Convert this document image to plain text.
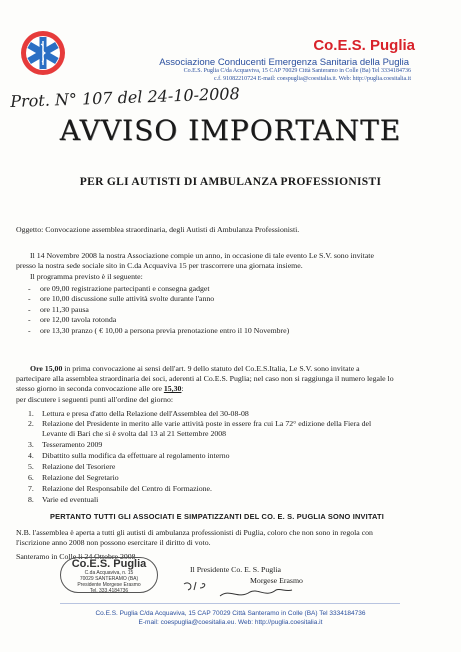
Co.E.S. Puglia
Associazione Conducenti Emergenza Sanitaria della Puglia
Co.E.S. Puglia C/da Acquaviva, 15 CAP 70029 Città Santeramo in Colle (Ba) Tel 3334184736
c.f. 91082210724 E-mail: coespuglia@coesitalia.it. Web: http://puglia.coesitalia.it
Prot. N° 107 del 24-10-2008
AVVISO IMPORTANTE
PER GLI AUTISTI DI AMBULANZA PROFESSIONISTI
Oggetto: Convocazione assemblea straordinaria, degli Autisti di Ambulanza Professionisti.
Il 14 Novembre 2008 la nostra Associazione compie un anno, in occasione di tale evento Le S.V. sono invitate
presso la nostra sede sociale sito in C.da Acquaviva 15 per trascorrere una giornata insieme.
Il programma previsto è il seguente:
- ore 09,00 registrazione partecipanti e consegna gadget
- ore 10,00 discussione sulle attività svolte durante l'anno
- ore 11,30 pausa
- ore 12,00 tavola rotonda
- ore 13,30 pranzo ( € 10,00 a persona previa prenotazione entro il 10 Novembre)
Ore 15,00 in prima convocazione ai sensi dell'art. 9 dello statuto del Co.E.S.Italia, Le S.V. sono invitate a
partecipare alla assemblea straordinaria dei soci, aderenti al Co.E.S. Puglia; nel caso non si raggiunga il numero legale lo
stesso giorno in seconda convocazione alle ore 15,30:
per discutere i seguenti punti all'ordine del giorno:
1. Lettura e presa d'atto della Relazione dell'Assemblea del 30-08-08
2. Relazione del Presidente in merito alle varie attività poste in essere fra cui La 72° edizione della Fiera del
Levante di Bari che si è svolta dal 13 al 21 Settembre 2008
3. Tesseramento 2009
4. Dibattito sulla modifica da effettuare al regolamento interno
5. Relazione del Tesoriere
6. Relazione del Segretario
7. Relazione del Responsabile del Centro di Formazione.
8. Varie ed eventuali
PERTANTO TUTTI GLI ASSOCIATI E SIMPATIZZANTI DEL CO. E. S. PUGLIA SONO INVITATI
N.B. l'assemblea è aperta a tutti gli autisti di ambulanza professionisti di Puglia, coloro che non sono in regola con
l'iscrizione anno 2008 non possono esercitare il diritto di voto.
Santeramo in Colle li 24 Ottobre 2008
Co.E.S. Puglia
C.da Acquaviva, n. 15
70029 SANTERAMO (BA)
Presidente Morgese Erasmo
Tel. 333.4184736
Il Presidente Co. E. S. Puglia
Morgese Erasmo
Co.E.S. Puglia C/da Acquaviva, 15 CAP 70029 Città Santeramo in Colle (BA) Tel 3334184736
E-mail: coespuglia@coesitalia.eu. Web: http://puglia.coesitalia.it
